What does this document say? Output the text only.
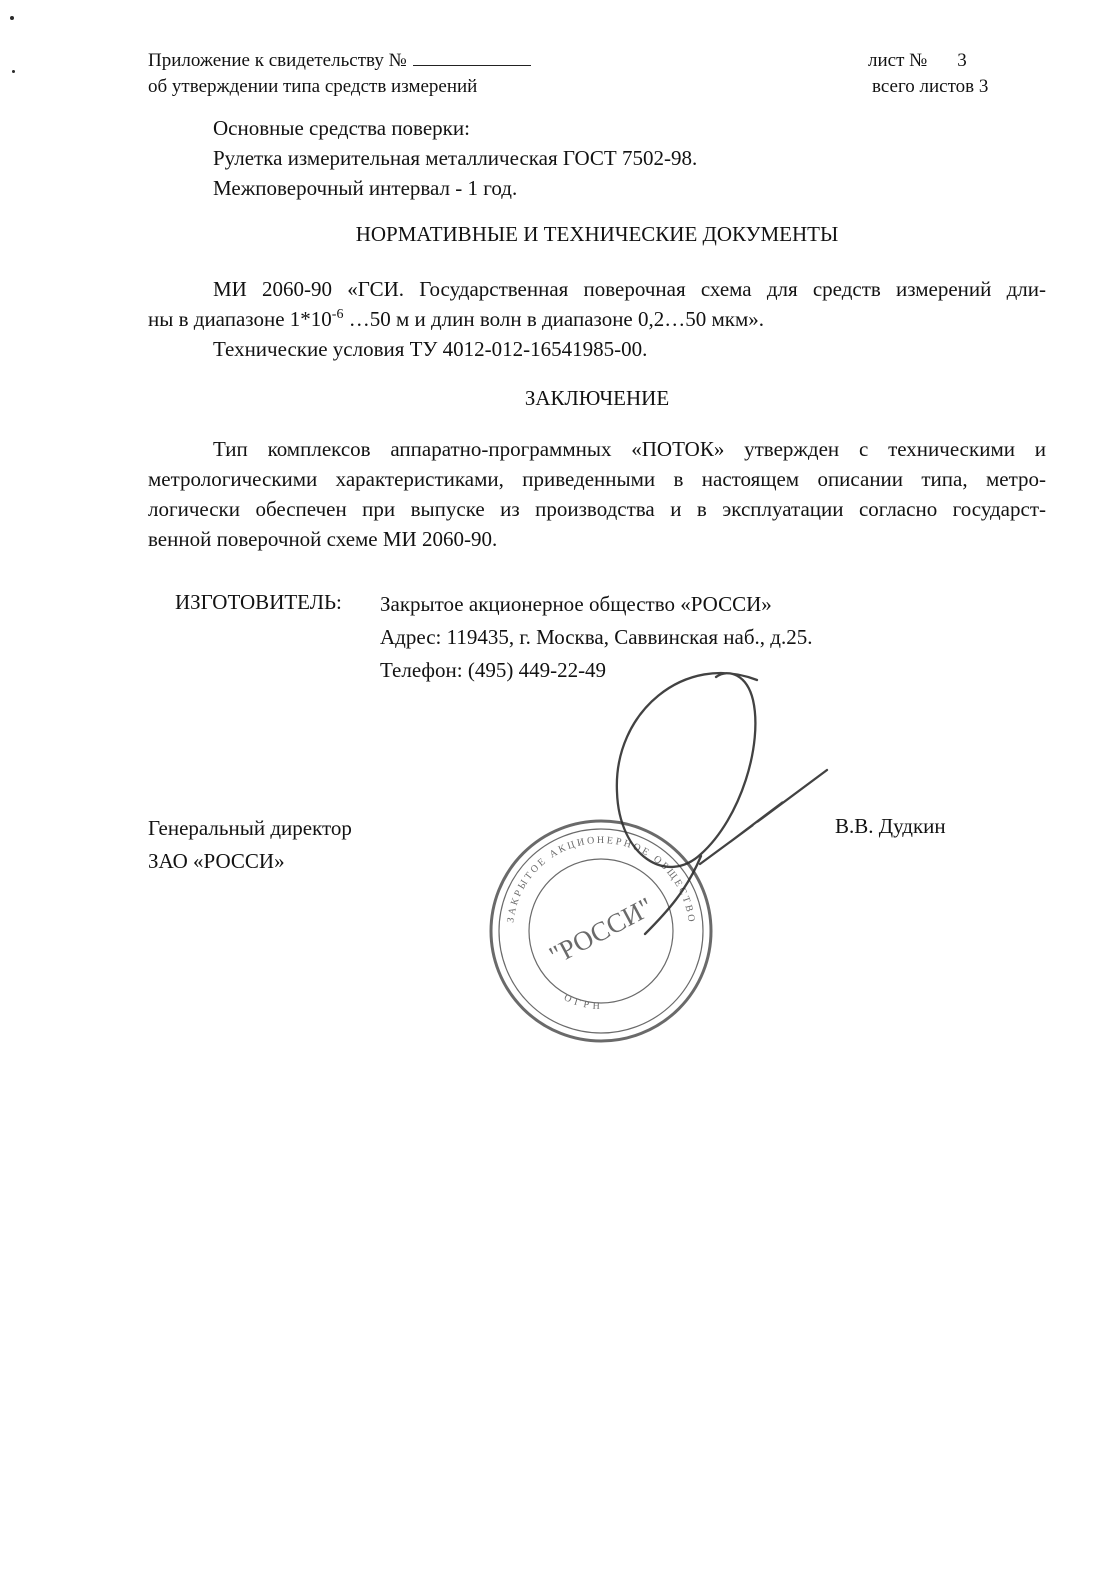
Приложение к свидетельству №
об утверждении типа средств измерений
лист № 3
всего листов 3
Основные средства поверки:
Рулетка измерительная металлическая ГОСТ 7502-98.
Межповерочный интервал - 1 год.
НОРМАТИВНЫЕ И ТЕХНИЧЕСКИЕ ДОКУМЕНТЫ
МИ 2060-90 «ГСИ. Государственная поверочная схема для средств измерений дли-
ны в диапазоне $1*10^{-6}$ …50 м и длин волн в диапазоне 0,2…50 мкм».
Технические условия ТУ 4012-012-16541985-00.
ЗАКЛЮЧЕНИЕ
Тип комплексов аппаратно-программных «ПОТОК» утвержден с техническими и
метрологическими характеристиками, приведенными в настоящем описании типа, метро-
логически обеспечен при выпуске из производства и в эксплуатации согласно государст-
венной поверочной схеме МИ 2060-90.
ИЗГОТОВИТЕЛЬ: Закрытое акционерное общество «РОССИ»
Адрес: 119435, г. Москва, Саввинская наб., д.25.
Телефон: (495) 449-22-49
Генеральный директор
ЗАО «РОССИ»
В.В. Дудкин
ЗАКРЫТОЕ АКЦИОНЕРНОЕ ОБЩЕСТВО
ОГРН
"РОССИ"
